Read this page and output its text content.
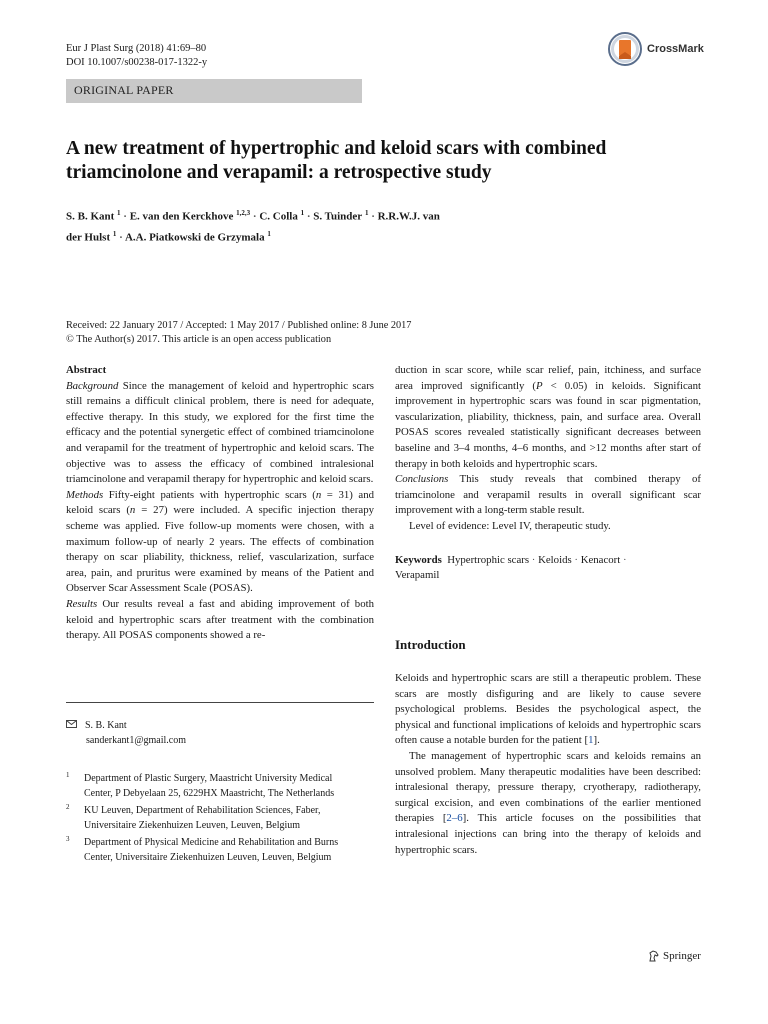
Eur J Plast Surg (2018) 41:69–80
DOI 10.1007/s00238-017-1322-y
CrossMark
ORIGINAL PAPER
A new treatment of hypertrophic and keloid scars with combined
triamcinolone and verapamil: a retrospective study
S. B. Kant $^1$ · E. van den Kerckhove $^{1,2,3}$ · C. Colla $^1$ · S. Tuinder $^1$ · R.R.W.J. van
der Hulst $^1$ · A.A. Piatkowski de Grzymala $^1$
Received: 22 January 2017 / Accepted: 1 May 2017 / Published online: 8 June 2017
© The Author(s) 2017. This article is an open access publication

Abstract

Background Since the management of keloid and hypertrophic scars still remains a difficult clinical problem, there is need for adequate, effective therapy. In this study, we explored for the first time the efficacy and the potential synergetic effect of combined triamcinolone and verapamil for the treatment of hypertrophic and keloid scars. The objective was to assess the efficacy of combined intralesional triamcinolone and verapamil therapy for hypertrophic and keloid scars.

Methods Fifty-eight patients with hypertrophic scars (n = 31) and keloid scars (n = 27) were included. A specific injection therapy scheme was applied. Five follow-up moments were chosen, with a maximum follow-up of nearly 2 years. The effects of combination therapy on scar pliability, thickness, relief, vascularization, surface area, pain, and pruritus were examined by means of the Patient and Observer Scar Assessment Scale (POSAS).

Results Our results reveal a fast and abiding improvement of both keloid and hypertrophic scars after treatment with the combination therapy. All POSAS components showed a re-

duction in scar score, while scar relief, pain, itchiness, and surface area improved significantly (P < 0.05) in keloids. Significant improvement in hypertrophic scars was found in scar pigmentation, vascularization, pliability, thickness, pain, and surface area. Overall POSAS scores revealed statistically significant decreases between baseline and 3–4 months, 4–6 months, and >12 months after start of therapy in both keloids and hypertrophic scars.

Conclusions This study reveals that combined therapy of triamcinolone and verapamil results in overall significant scar improvement with a long-term stable result.

Level of evidence: Level IV, therapeutic study.

Keywords Hypertrophic scars · Keloids · Kenacort ·
Verapamil

Introduction

Keloids and hypertrophic scars are still a therapeutic problem. These scars are mostly disfiguring and are likely to cause severe psychological problems. Besides the psychological aspect, the physical and functional implications of keloids and hypertrophic scars often cause a notable burden for the patient [1].

The management of hypertrophic scars and keloids remains an unsolved problem. Many therapeutic modalities have been described: intralesional therapy, pressure therapy, cryotherapy, radiotherapy, surgical excision, and even combinations of the earlier mentioned therapies [2–6]. This article focuses on the possibilities that intralesional injections can bring into the therapy of keloids and hypertrophic scars.

S. B. Kant
sanderkant1@gmail.com
1 Department of Plastic Surgery, Maastricht University Medical
Center, P Debyelaan 25, 6229HX Maastricht, The Netherlands
2 KU Leuven, Department of Rehabilitation Sciences, Faber,
Universitaire Ziekenhuizen Leuven, Leuven, Belgium
3 Department of Physical Medicine and Rehabilitation and Burns
Center, Universitaire Ziekenhuizen Leuven, Leuven, Belgium
Springer
